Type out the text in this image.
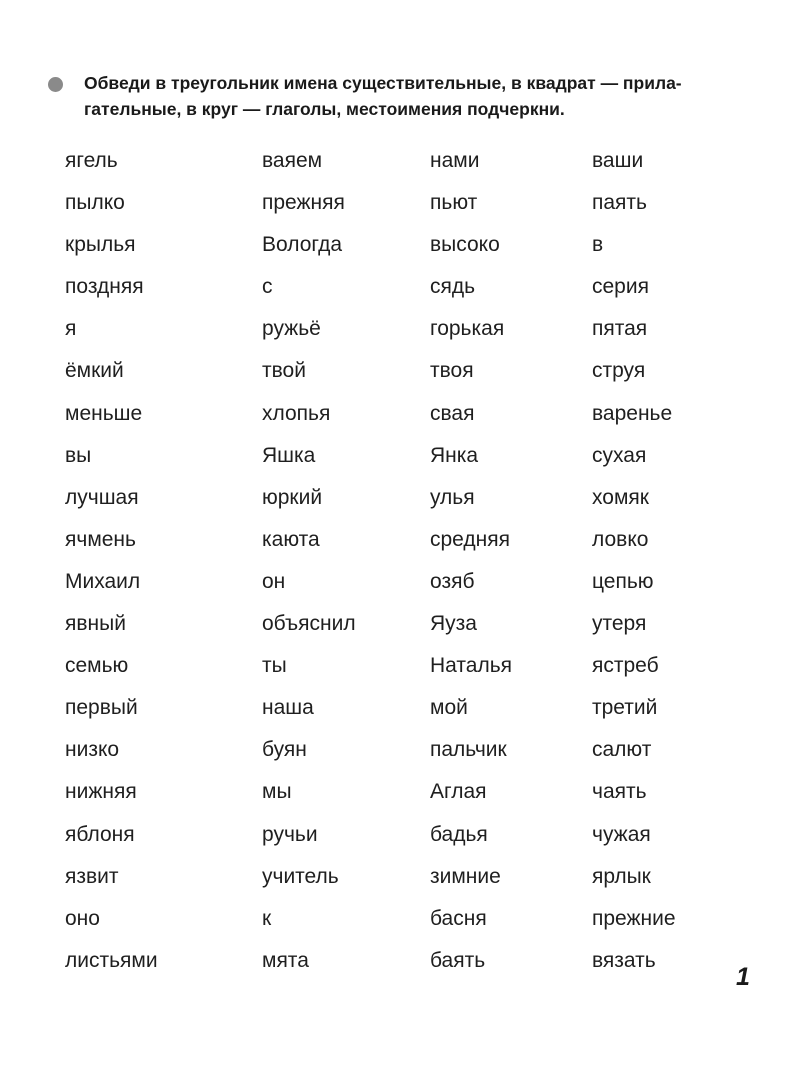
Обведи в треугольник имена существительные, в квадрат — прила-
гательные, в круг — глаголы, местоимения подчеркни.
ягель	ваяем	нами	ваши
пылко	прежняя	пьют	паять
крылья	Вологда	высоко	в
поздняя	с	сядь	серия
я	ружьё	горькая	пятая
ёмкий	твой	твоя	струя
меньше	хлопья	свая	варенье
вы	Яшка	Янка	сухая
лучшая	юркий	улья	хомяк
ячмень	каюта	средняя	ловко
Михаил	он	озяб	цепью
явный	объяснил	Яуза	утеря
семью	ты	Наталья	ястреб
первый	наша	мой	третий
низко	буян	пальчик	салют
нижняя	мы	Аглая	чаять
яблоня	ручьи	бадья	чужая
язвит	учитель	зимние	ярлык
оно	к	басня	прежние
листьями	мята	баять	вязать
1
